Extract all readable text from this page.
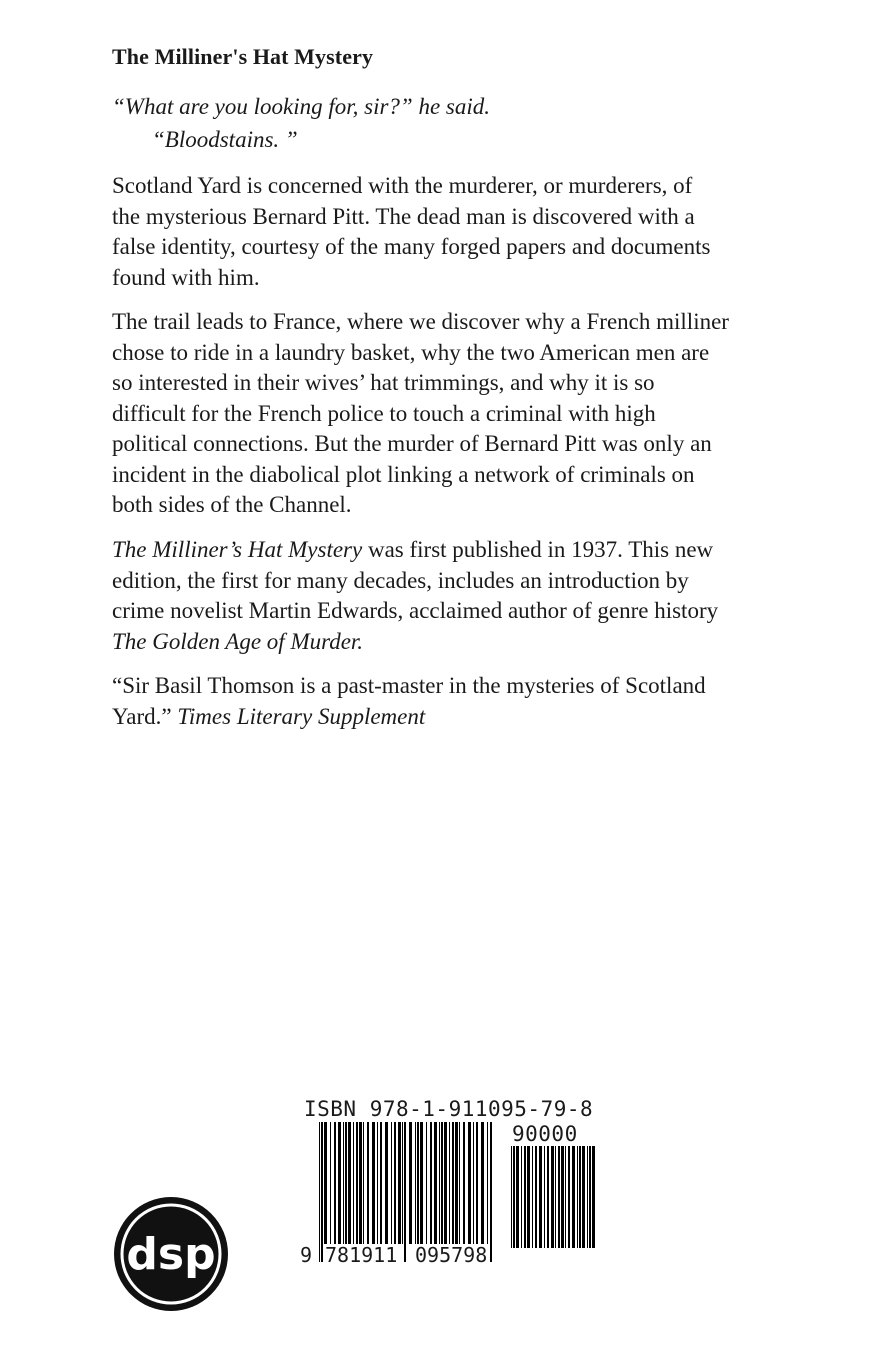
The Milliner's Hat Mystery
“What are you looking for, sir?” he said.
“Bloodstains. ”
Scotland Yard is concerned with the murderer, or murderers, of
the mysterious Bernard Pitt. The dead man is discovered with a
false identity, courtesy of the many forged papers and documents
found with him.
The trail leads to France, where we discover why a French milliner
chose to ride in a laundry basket, why the two American men are
so interested in their wives’ hat trimmings, and why it is so
difficult for the French police to touch a criminal with high
political connections. But the murder of Bernard Pitt was only an
incident in the diabolical plot linking a network of criminals on
both sides of the Channel.
The Milliner’s Hat Mystery was first published in 1937. This new
edition, the first for many decades, includes an introduction by
crime novelist Martin Edwards, acclaimed author of genre history
The Golden Age of Murder.
“Sir Basil Thomson is a past-master in the mysteries of Scotland
Yard.” Times Literary Supplement
ISBN 978-1-911095-79-8
90000
9 781911 095798
dsp
